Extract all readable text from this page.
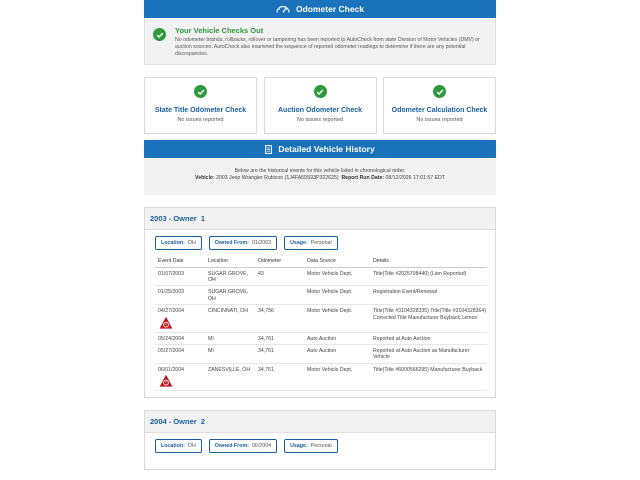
Odometer Check
Your Vehicle Checks Out
No odometer brands, rollbacks, rollover or tampering has been reported to AutoCheck from state Division of Motor Vehicles (DMV) or auction sources. AutoCheck also examined the sequence of reported odometer readings to determine if there are any potential discrepancies.
State Title Odometer Check
No issues reported
Auction Odometer Check
No issues reported
Odometer Calculation Check
No issues reported
Detailed Vehicle History
Below are the historical events for this vehicle listed in chronological order.
Vehicle: 2003 Jeep Wrangler Rubicon (1J4FA69S93P322625) Report Run Date: 08/12/2026 17:01:57 EDT
2003 - Owner
1
Location: OH	Owned From: 01/2003	Usage: Personal
Event Date	Location	Odometer	Data Source	Details
01/07/2003	SUGAR GROVE, OH	43	Motor Vehicle Dept.	Title(Title #2025798440) (Lien Reported)
01/25/2003	SUGAR GROVE, OH		Motor Vehicle Dept.	Registration Event/Renewal
04/27/2004	CINCINNATI, OH	34,756	Motor Vehicle Dept.	Title(Title #3104328335) Title(Title #3104328364) Corrected Title Manufacturer Buyback Lemon
05/24/2004	MI	34,761	Auto Auction	Reported at Auto Auction
05/27/2004	MI	34,761	Auto Auction	Reported at Auto Auction as Manufacturer Vehicle
06/01/2004	ZANESVILLE, OH	34,761	Motor Vehicle Dept.	Title(Title #6000566295) Manufacturer Buyback
2004 - Owner
2
Location: OH	Owned From: 06/2004	Usage: Personal
